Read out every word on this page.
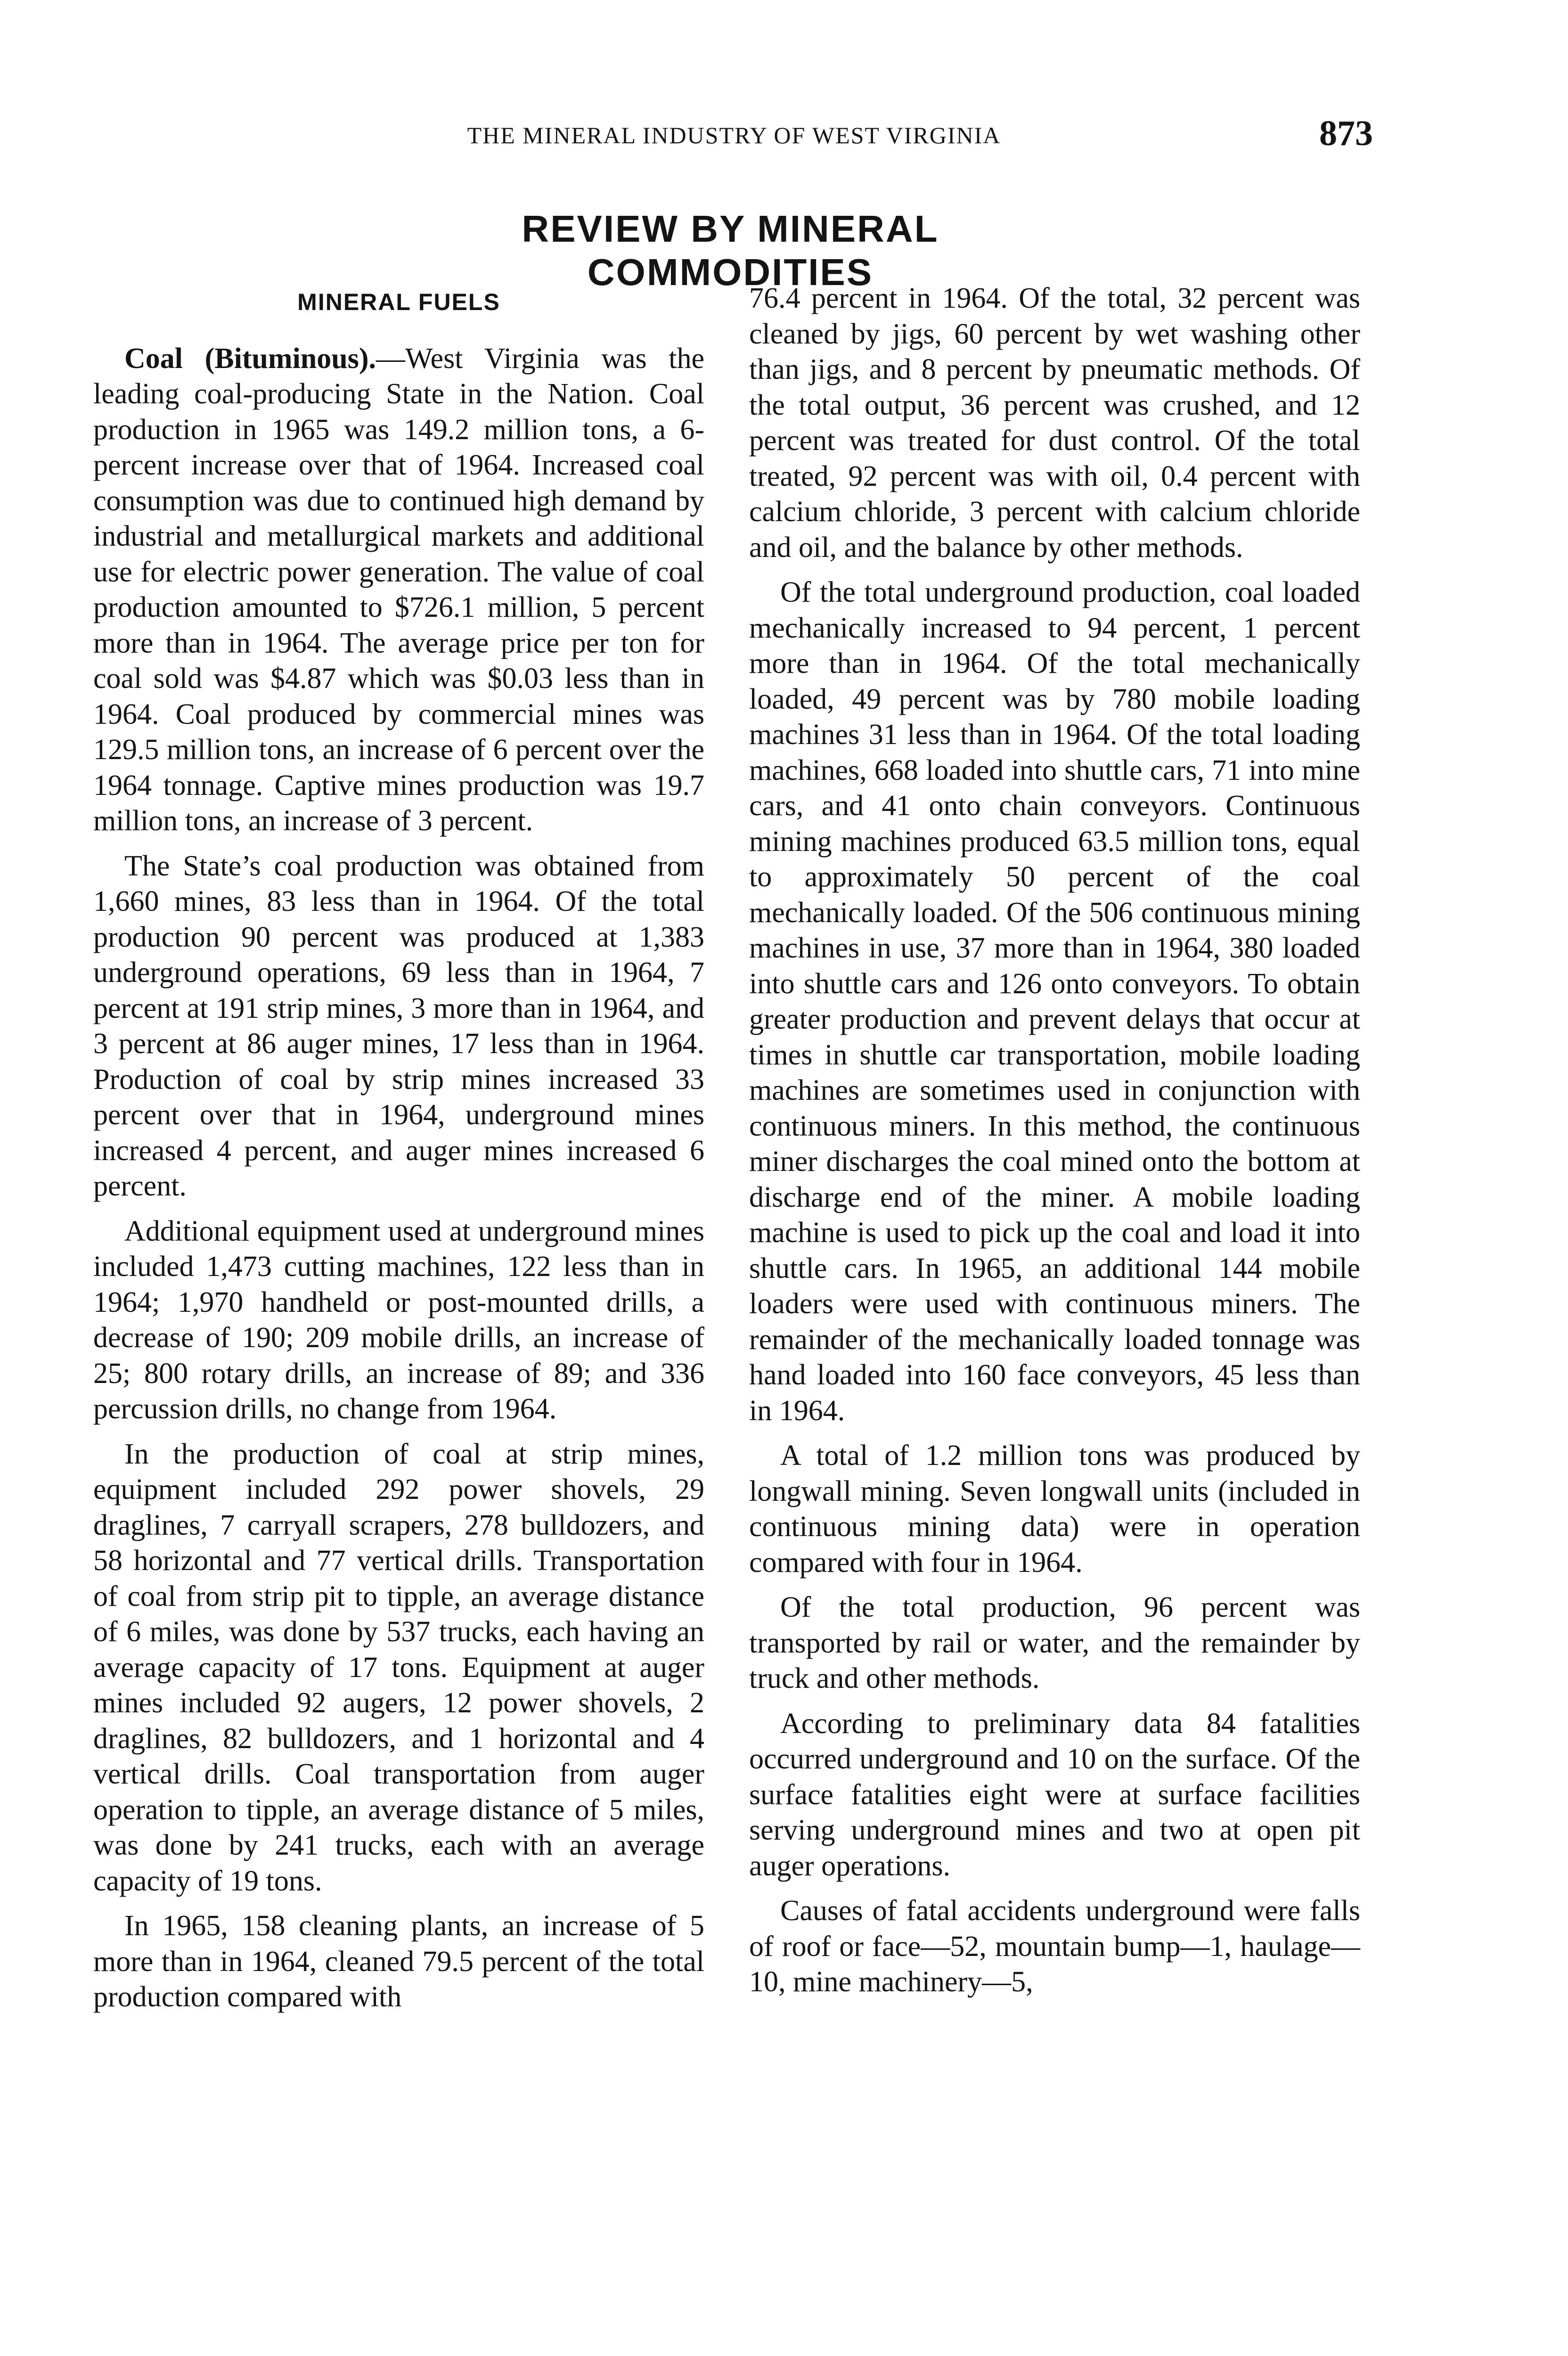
THE MINERAL INDUSTRY OF WEST VIRGINIA	873
REVIEW BY MINERAL COMMODITIES
MINERAL FUELS

Coal (Bituminous).—West Virginia was the leading coal-producing State in the Nation. Coal production in 1965 was 149.2 million tons, a 6-percent increase over that of 1964. Increased coal consumption was due to continued high demand by industrial and metallurgical markets and additional use for electric power generation. The value of coal production amounted to $726.1 million, 5 percent more than in 1964. The average price per ton for coal sold was $4.87 which was $0.03 less than in 1964. Coal produced by commercial mines was 129.5 million tons, an increase of 6 percent over the 1964 tonnage. Captive mines production was 19.7 million tons, an increase of 3 percent.

The State’s coal production was obtained from 1,660 mines, 83 less than in 1964. Of the total production 90 percent was produced at 1,383 underground operations, 69 less than in 1964, 7 percent at 191 strip mines, 3 more than in 1964, and 3 percent at 86 auger mines, 17 less than in 1964. Production of coal by strip mines increased 33 percent over that in 1964, underground mines increased 4 percent, and auger mines increased 6 percent.

Additional equipment used at underground mines included 1,473 cutting machines, 122 less than in 1964; 1,970 handheld or post-mounted drills, a decrease of 190; 209 mobile drills, an increase of 25; 800 rotary drills, an increase of 89; and 336 percussion drills, no change from 1964.

In the production of coal at strip mines, equipment included 292 power shovels, 29 draglines, 7 carryall scrapers, 278 bulldozers, and 58 horizontal and 77 vertical drills. Transportation of coal from strip pit to tipple, an average distance of 6 miles, was done by 537 trucks, each having an average capacity of 17 tons. Equipment at auger mines included 92 augers, 12 power shovels, 2 draglines, 82 bulldozers, and 1 horizontal and 4 vertical drills. Coal transportation from auger operation to tipple, an average distance of 5 miles, was done by 241 trucks, each with an average capacity of 19 tons.

In 1965, 158 cleaning plants, an increase of 5 more than in 1964, cleaned 79.5 percent of the total production compared with

76.4 percent in 1964. Of the total, 32 percent was cleaned by jigs, 60 percent by wet washing other than jigs, and 8 percent by pneumatic methods. Of the total output, 36 percent was crushed, and 12 percent was treated for dust control. Of the total treated, 92 percent was with oil, 0.4 percent with calcium chloride, 3 percent with calcium chloride and oil, and the balance by other methods.

Of the total underground production, coal loaded mechanically increased to 94 percent, 1 percent more than in 1964. Of the total mechanically loaded, 49 percent was by 780 mobile loading machines 31 less than in 1964. Of the total loading machines, 668 loaded into shuttle cars, 71 into mine cars, and 41 onto chain conveyors. Continuous mining machines produced 63.5 million tons, equal to approximately 50 percent of the coal mechanically loaded. Of the 506 continuous mining machines in use, 37 more than in 1964, 380 loaded into shuttle cars and 126 onto conveyors. To obtain greater production and prevent delays that occur at times in shuttle car transportation, mobile loading machines are sometimes used in conjunction with continuous miners. In this method, the continuous miner discharges the coal mined onto the bottom at discharge end of the miner. A mobile loading machine is used to pick up the coal and load it into shuttle cars. In 1965, an additional 144 mobile loaders were used with continuous miners. The remainder of the mechanically loaded tonnage was hand loaded into 160 face conveyors, 45 less than in 1964.

A total of 1.2 million tons was produced by longwall mining. Seven longwall units (included in continuous mining data) were in operation compared with four in 1964.

Of the total production, 96 percent was transported by rail or water, and the remainder by truck and other methods.

According to preliminary data 84 fatalities occurred underground and 10 on the surface. Of the surface fatalities eight were at surface facilities serving underground mines and two at open pit auger operations.

Causes of fatal accidents underground were falls of roof or face—52, mountain bump—1, haulage—10, mine machinery—5,
